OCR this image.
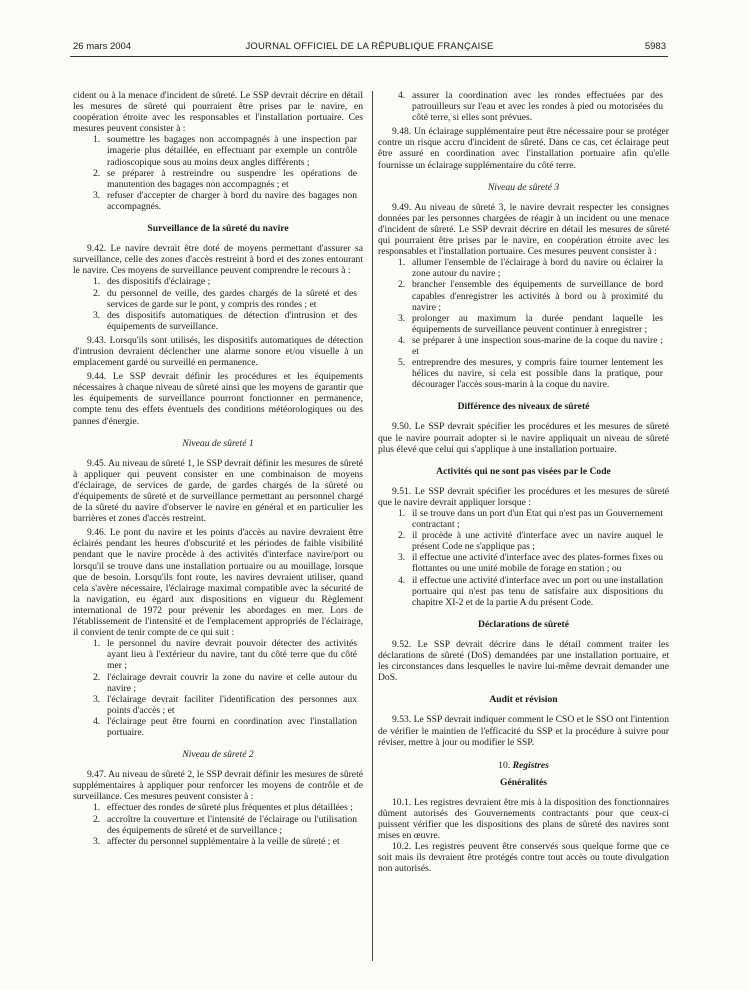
26 mars 2004	JOURNAL OFFICIEL DE LA RÉPUBLIQUE FRANÇAISE	5983

cident ou à la menace d'incident de sûreté. Le SSP devrait décrire en détail les mesures de sûreté qui pourraient être prises par le navire, en coopération étroite avec les responsables et l'installation portuaire. Ces mesures peuvent consister à :

1. soumettre les bagages non accompagnés à une inspection par imagerie plus détaillée, en effectuant par exemple un contrôle radioscopique sous au moins deux angles différents ;
2. se préparer à restreindre ou suspendre les opérations de manutention des bagages non accompagnés ; et
3. refuser d'accepter de charger à bord du navire des bagages non accompagnés.

Surveillance de la sûreté du navire

9.42. Le navire devrait être doté de moyens permettant d'assurer sa surveillance, celle des zones d'accès restreint à bord et des zones entourant le navire. Ces moyens de surveillance peuvent comprendre le recours à :

1. des dispositifs d'éclairage ;
2. du personnel de veille, des gardes chargés de la sûreté et des services de garde sur le pont, y compris des rondes ; et
3. des dispositifs automatiques de détection d'intrusion et des équipements de surveillance.

9.43. Lorsqu'ils sont utilisés, les dispositifs automatiques de détection d'intrusion devraient déclencher une alarme sonore et/ou visuelle à un emplacement gardé ou surveillé en permanence.

9.44. Le SSP devrait définir les procédures et les équipements nécessaires à chaque niveau de sûreté ainsi que les moyens de garantir que les équipements de surveillance pourront fonctionner en permanence, compte tenu des effets éventuels des conditions météorologiques ou des pannes d'énergie.

Niveau de sûreté 1

9.45. Au niveau de sûreté 1, le SSP devrait définir les mesures de sûreté à appliquer qui peuvent consister en une combinaison de moyens d'éclairage, de services de garde, de gardes chargés de la sûreté ou d'équipements de sûreté et de surveillance permettant au personnel chargé de la sûreté du navire d'observer le navire en général et en particulier les barrières et zones d'accès restreint.

9.46. Le pont du navire et les points d'accès au navire devraient être éclairés pendant les heures d'obscurité et les périodes de faible visibilité pendant que le navire procède à des activités d'interface navire/port ou lorsqu'il se trouve dans une installation portuaire ou au mouillage, lorsque que de besoin. Lorsqu'ils font route, les navires devraient utiliser, quand cela s'avère nécessaire, l'éclairage maximal compatible avec la sécurité de la navigation, eu égard aux dispositions en vigueur du Règlement international de 1972 pour prévenir les abordages en mer. Lors de l'établissement de l'intensité et de l'emplacement appropriés de l'éclairage, il convient de tenir compte de ce qui suit :

1. le personnel du navire devrait pouvoir détecter des activités ayant lieu à l'extérieur du navire, tant du côté terre que du côté mer ;
2. l'éclairage devrait couvrir la zone du navire et celle autour du navire ;
3. l'éclairage devrait faciliter l'identification des personnes aux points d'accès ; et
4. l'éclairage peut être fourni en coordination avec l'installation portuaire.

Niveau de sûreté 2

9.47. Au niveau de sûreté 2, le SSP devrait définir les mesures de sûreté supplémentaires à appliquer pour renforcer les moyens de contrôle et de surveillance. Ces mesures peuvent consister à :

1. effectuer des rondes de sûreté plus fréquentes et plus détaillées ;
2. accroître la couverture et l'intensité de l'éclairage ou l'utilisation des équipements de sûreté et de surveillance ;
3. affecter du personnel supplémentaire à la veille de sûreté ; et
4. assurer la coordination avec les rondes effectuées par des patrouilleurs sur l'eau et avec les rondes à pied ou motorisées du côté terre, si elles sont prévues.

9.48. Un éclairage supplémentaire peut être nécessaire pour se protéger contre un risque accru d'incident de sûreté. Dans ce cas, cet éclairage peut être assuré en coordination avec l'installation portuaire afin qu'elle fournisse un éclairage supplémentaire du côté terre.

Niveau de sûreté 3

9.49. Au niveau de sûreté 3, le navire devrait respecter les consignes données par les personnes chargées de réagir à un incident ou une menace d'incident de sûreté. Le SSP devrait décrire en détail les mesures de sûreté qui pourraient être prises par le navire, en coopération étroite avec les responsables et l'installation portuaire. Ces mesures peuvent consister à :

1. allumer l'ensemble de l'éclairage à bord du navire ou éclairer la zone autour du navire ;
2. brancher l'ensemble des équipements de surveillance de bord capables d'enregistrer les activités à bord ou à proximité du navire ;
3. prolonger au maximum la durée pendant laquelle les équipements de surveillance peuvent continuer à enregistrer ;
4. se préparer à une inspection sous-marine de la coque du navire ; et
5. entreprendre des mesures, y compris faire tourner lentement les hélices du navire, si cela est possible dans la pratique, pour décourager l'accès sous-marin à la coque du navire.

Différence des niveaux de sûreté

9.50. Le SSP devrait spécifier les procédures et les mesures de sûreté que le navire pourrait adopter si le navire appliquait un niveau de sûreté plus élevé que celui qui s'applique à une installation portuaire.

Activités qui ne sont pas visées par le Code

9.51. Le SSP devrait spécifier les procédures et les mesures de sûreté que le navire devrait appliquer lorsque :

1. il se trouve dans un port d'un Etat qui n'est pas un Gouvernement contractant ;
2. il procède à une activité d'interface avec un navire auquel le présent Code ne s'applique pas ;
3. il effectue une activité d'interface avec des plates-formes fixes ou flottantes ou une unité mobile de forage en station ; ou
4. il effectue une activité d'interface avec un port ou une installation portuaire qui n'est pas tenu de satisfaire aux dispositions du chapitre XI-2 et de la partie A du présent Code.

Déclarations de sûreté

9.52. Le SSP devrait décrire dans le détail comment traiter les déclarations de sûreté (DoS) demandées par une installation portuaire, et les circonstances dans lesquelles le navire lui-même devrait demander une DoS.

Audit et révision

9.53. Le SSP devrait indiquer comment le CSO et le SSO ont l'intention de vérifier le maintien de l'efficacité du SSP et la procédure à suivre pour réviser, mettre à jour ou modifier le SSP.

10. Registres

Généralités

10.1. Les registres devraient être mis à la disposition des fonctionnaires dûment autorisés des Gouvernements contractants pour que ceux-ci puissent vérifier que les dispositions des plans de sûreté des navires sont mises en œuvre.

10.2. Les registres peuvent être conservés sous quelque forme que ce soit mais ils devraient être protégés contre tout accès ou toute divulgation non autorisés.
